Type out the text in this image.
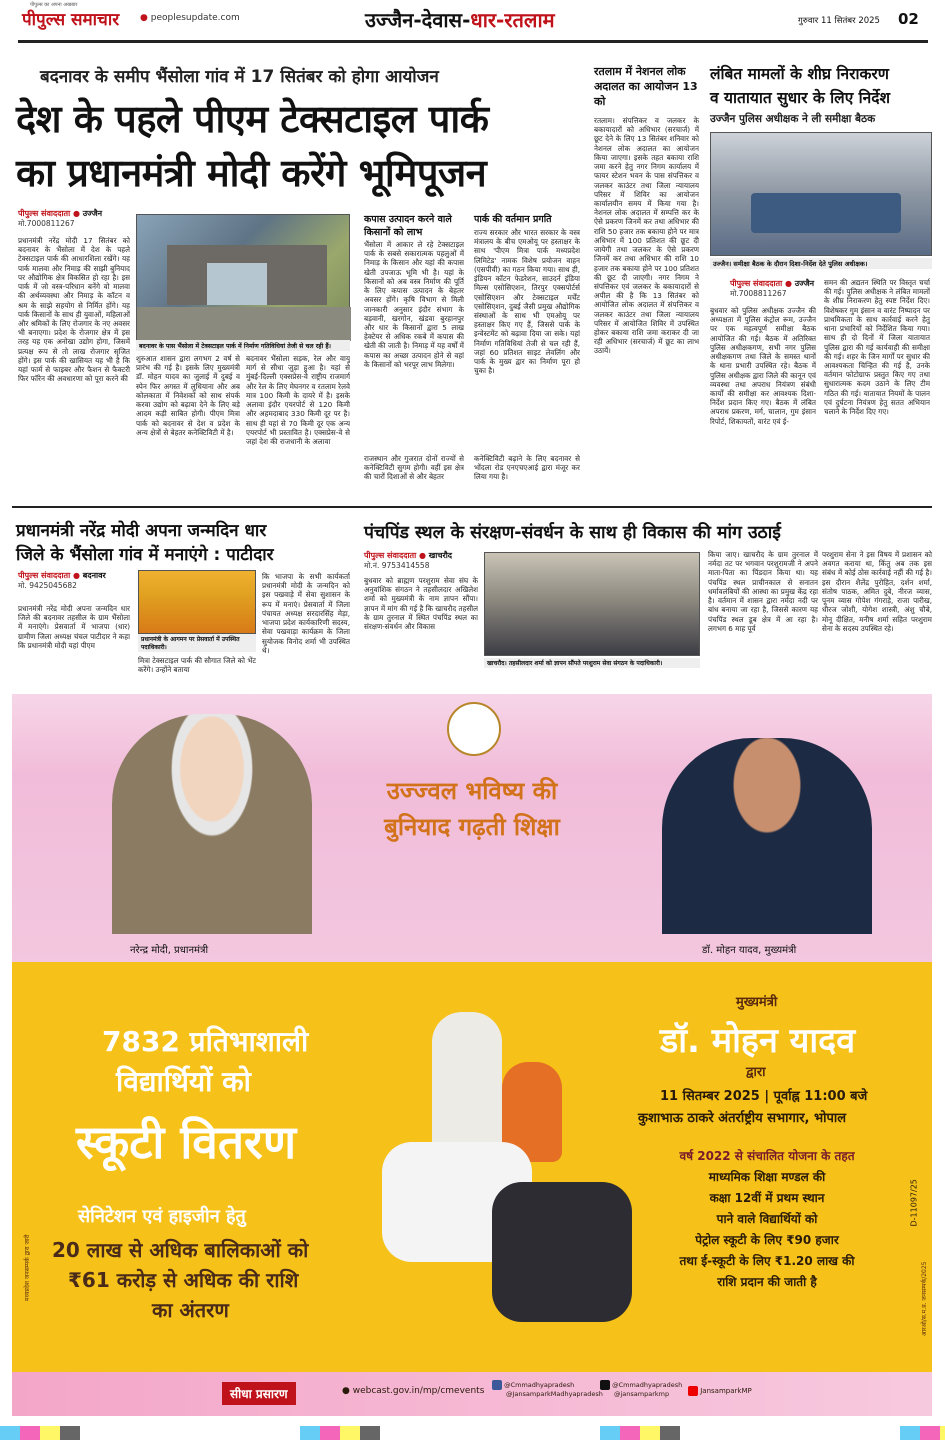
पीपुल्स समाचार
पीपुल्स का अपना अखबार
● peoplesupdate.com	उज्जैन-देवास-धार-रतलाम	गुरुवार 11 सितंबर 2025 02
बदनावर के समीप भैंसोला गांव में 17 सितंबर को होगा आयोजन
देश के पहले पीएम टेक्सटाइल पार्क
का प्रधानमंत्री मोदी करेंगे भूमिपूजन
पीपुल्स संवाददाता ● उज्जैन
मो.7000811267
प्रधानमंत्री नरेंद्र मोदी 17 सितंबर को बदनावर के भैंसोला में देश के पहले टेक्सटाइल पार्क की आधारशिला रखेंगे। यह पार्क मालवा और निमाड़ की साझी बुनियाद पर औद्योगिक क्षेत्र विकसित हो रहा है। इस पार्क में जो वस्त्र-परिधान बनेंगे वो मालवा की अर्थव्यवस्था और निमाड़ के कॉटन व श्रम के साझे सहयोग से निर्मित होंगे। यह पार्क किसानों के साथ ही युवाओं, महिलाओं और श्रमिकों के लिए रोजगार के नए अवसर भी बनाएगा। प्रदेश के रोजगार क्षेत्र में इस तरह यह एक अनोखा उद्योग होगा, जिसमें प्रत्यक्ष रूप से तो लाख रोजगार सृजित होंगे। इस पार्क की खासियत यह भी है कि यहां फार्म से फाइबर और फैशन से फैक्टरी फिर फॉरेन की अवधारणा को पूरा करने की
बदनावर के पास भैंसोला में टेक्सटाइल पार्क में निर्माण गतिविधियां तेजी से चल रही हैं।
शुरुआत शासन द्वारा लगभग 2 वर्ष से प्रारंभ की गई है। इसके लिए मुख्यमंत्री डॉ. मोहन यादव का जुलाई में दुबई व स्पेन फिर अगस्त में लुधियाना और अब कोलकाता में निवेशकों को साथ संपर्क करवा उद्योग को बढ़ावा देने के लिए बड़े आदम कड़ी साबित होगी। पीएम मित्रा पार्क को बदनावर से देश व प्रदेश के अन्य क्षेत्रों से बेहतर कनेक्टिविटी में है।
बदनावर भैंसोला सड़क, रेल और वायु मार्ग से सीधा जुड़ा हुआ है। यहां से मुंबई-दिल्ली एक्सप्रेस-वे राष्ट्रीय राजमार्ग और रेल के लिए मेघनगर व रतलाम रेलवे मात्र 100 किमी के दायरे में है। इसके अलावा इंदौर एयरपोर्ट से 120 किमी और अहमदाबाद 330 किमी दूर पर है। साथ ही यहां से 70 किमी दूर एक अन्य एयरपोर्ट भी प्रस्तावित है। एक्सप्रेस-वे से जहां देश की राजधानी के अलावा
कपास उत्पादन करने वाले किसानों को लाभ
भैंसोला में आकार ले रहे टेक्सटाइल पार्क के सबसे सकारात्मक पहलुओं में निमाड़ के किसान और यहां की कपास खेती उपजाऊ भूमि भी है। यहां के किसानों को अब वस्त्र निर्माण की पूर्ति के लिए कपास उत्पादन के बेहतर अवसर होंगे। कृषि विभाग से मिली जानकारी अनुसार इंदौर संभाग के बड़वानी, खरगोन, खंडवा बुरहानपुर और धार के किसानों द्वारा 5 लाख हेक्टेयर से अधिक रकबे में कपास की खेती की जाती है। निमाड़ में यह वर्षों में कपास का अच्छा उत्पादन होने से वहां के किसानों को भरपूर लाभ मिलेगा।
राजस्थान और गुजरात दोनों राज्यों से कनेक्टिविटी सुगम होगी। वहीं इस क्षेत्र की चारों दिशाओं से और बेहतर
पार्क की वर्तमान प्रगति
राज्य सरकार और भारत सरकार के वस्त्र मंत्रालय के बीच एमओयू पर हस्ताक्षर के साथ 'पीएम मित्रा पार्क मध्यप्रदेश लिमिटेड' नामक विशेष प्रयोजन वाहन (एसपीवी) का गठन किया गया। साथ ही, इंडियन कॉटन फेडरेशन, साउदर्न इंडिया मिल्स एसोसिएशन, तिरपुर एक्सपोर्टर्स एसोसिएशन और टेक्सटाइल मर्चेंट एसोसिएशन, दुबई जैसी प्रमुख औद्योगिक संस्थाओं के साथ भी एमओयू पर हस्ताक्षर किए गए हैं, जिससे पार्क के इन्वेस्टमेंट को बढ़ावा दिया जा सके। यहां निर्माण गतिविधियां तेजी से चल रही हैं, जहां 60 प्रतिशत साइट लेवलिंग और पार्क के मुख्य द्वार का निर्माण पूरा हो चुका है।
कनेक्टिविटी बढ़ाने के लिए बदनावर से भोंदला रोड एनएचएआई द्वारा मंजूर कर लिया गया है।
रतलाम में नेशनल लोक अदालत का आयोजन 13 को
रतलाम। संपत्तिकर व जलकर के बकायादारों को अधिभार (सरचार्ज) में छूट देने के लिए 13 सितंबर शनिवार को नेशनल लोक अदालत का आयोजन किया जाएगा। इसके तहत बकाया राशि जमा करने हेतु नगर निगम कार्यालय में फायर स्टेशन भवन के पास संपत्तिकर व जलकर काउंटर तथा जिला न्यायालय परिसर में शिविर का आयोजन कार्यालयीन समय में किया गया है। नेशनल लोक अदालत में सम्पत्ति कर के ऐसे प्रकरण जिनमें कर तथा अधिभार की राशि 50 हजार तक बकाया होने पर मात्र अधिभार में 100 प्रतिशत की छूट दी जायेगी तथा जलकर के ऐसे प्रकरण जिनमें कर तथा अधिभार की राशि 10 हजार तक बकाया होने पर 100 प्रतिशत की छूट दी जाएगी। नगर निगम ने संपत्तिकर एवं जलकर के बकायादारों से अपील की है कि 13 सितंबर को आयोजित लोक अदालत में संपत्तिकर व जलकर काउंटर तथा जिला न्यायालय परिसर में आयोजित शिविर में उपस्थित होकर बकाया राशि जमा कराकर दी जा रही अधिभार (सरचार्ज) में छूट का लाभ उठायें।
लंबित मामलों के शीघ्र निराकरण
व यातायात सुधार के लिए निर्देश
उज्जैन पुलिस अधीक्षक ने ली समीक्षा बैठक
उज्जैन। समीक्षा बैठक के दौरान दिशा-निर्देश देते पुलिस अधीक्षक।
पीपुल्स संवाददाता ● उज्जैन
मो.7008811267
बुधवार को पुलिस अधीक्षक उज्जैन की अध्यक्षता में पुलिस कंट्रोल रूम, उज्जैन पर एक महत्वपूर्ण समीक्षा बैठक आयोजित की गई। बैठक में अतिरिक्त पुलिस अधीक्षकगण, सभी नगर पुलिस अधीक्षकगण तथा जिले के समस्त थानों के थाना प्रभारी उपस्थित रहे। बैठक में पुलिस अधीक्षक द्वारा जिले की कानून एवं व्यवस्था तथा अपराध नियंत्रण संबंधी कार्यों की समीक्षा कर आवश्यक दिशा-निर्देश प्रदान किए गए। बैठक में लंबित अपराध प्रकरण, मर्ग, चालान, गुम इंसान रिपोर्ट, शिकायतों, वारंट एवं ई-
समन की अद्यतन स्थिति पर विस्तृत चर्चा की गई। पुलिस अधीक्षक ने लंबित मामलों के शीघ्र निराकरण हेतु स्पष्ट निर्देश दिए। विशेषकर गुम इंसान व वारंट निष्पादन पर प्राथमिकता के साथ कार्रवाई करने हेतु थाना प्रभारियों को निर्देशित किया गया। साथ ही दो दिनों में जिला यातायात पुलिस द्वारा की गई कार्यवाही की समीक्षा की गई। शहर के जिन मार्गों पर सुधार की आवश्यकता चिन्हित की गई है, उनके वर्तमान फोटोग्राफ प्रस्तुत किए गए तथा सुधारात्मक कदम उठाने के लिए टीम गठित की गई। यातायात नियमों के पालन एवं दुर्घटना नियंत्रण हेतु सतत अभियान चलाने के निर्देश दिए गए।
प्रधानमंत्री नरेंद्र मोदी अपना जन्मदिन धार
जिले के भैंसोला गांव में मनाएंगे : पाटीदार
पीपुल्स संवाददाता ● बदनावर
मो. 9425045682
प्रधानमंत्री नरेंद्र मोदी अपना जन्मदिन धार जिले की बदनावर तहसील के ग्राम भैंसोला में मनाएंगे। प्रेसवार्ता में भाजपा (धार) ग्रामीण जिला अध्यक्ष चंचल पाटीदार ने कहा कि प्रधानमंत्री मोदी यहां पीएम
प्रधानमंत्री के आगमन पर प्रेसवार्ता में उपस्थित पदाधिकारी।
मित्रा टेक्सटाइल पार्क की सौगात जिले को भेंट करेंगे। उन्होंने बताया
कि भाजपा के सभी कार्यकर्ता प्रधानमंत्री मोदी के जन्मदिन को इस पखवाड़े में सेवा सुशासन के रूप में मनाएं। प्रेसवार्ता में जिला पंचायत अध्यक्ष सरदारसिंह मेड़ा, भाजपा प्रदेश कार्यकारिणी सदस्य, सेवा पखवाड़ा कार्यक्रम के जिला सुयोजक विनोद शर्मा भी उपस्थित थे।
पंचपिंड स्थल के संरक्षण-संवर्धन के साथ ही विकास की मांग उठाई
पीपुल्स संवाददाता ● खाचरौद
मो.नं. 9753414558
बुधवार को ब्राह्मण परशुराम सेवा संघ के अनुवांशिक संगठन ने तहसीलदार अखिलेश शर्मा को मुख्यमंत्री के नाम ज्ञापन सौंपा। ज्ञापन में मांग की गई है कि खाचरौद तहसील के ग्राम तुरनाल में स्थित पंचपिंड स्थल का संरक्षण-संवर्धन और विकास
खाचरौद। तहसीलदार शर्मा को ज्ञापन सौंपते परशुराम सेवा संगठन के पदाधिकारी।
किया जाए। खाचरौद के ग्राम तुरनाल में नर्मदा तट पर भगवान परशुरामजी ने अपने माता-पिता का पिंडदान किया था। यह पंचपिंड स्थल प्राचीनकाल से सनातन धर्मावलंबियों की आस्था का प्रमुख केंद्र रहा है। वर्तमान में शासन द्वारा नर्मदा नदी पर बांध बनाया जा रहा है, जिससे कारण यह पंचपिंड स्थल डूब क्षेत्र में आ रहा है। लगभग 6 माह पूर्व
परशुराम सेना ने इस विषय में प्रशासन को अवगत कराया था, किंतु अब तक इस संबंध में कोई ठोस कार्रवाई नहीं की गई है। इस दौरान शैलेंद्र पुरोहित, दर्शन शर्मा, संतोष पाठक, अमित दुबे, नीरज व्यास, पूनम व्यास गोपेश गंगराड़े, राजा पारीख, धीरज जोशी, योगेश शास्त्री, अंशु चौबे, मोनू दीक्षित, मनीष शर्मा सहित परशुराम सेना के सदस्य उपस्थित रहे।
उज्ज्वल भविष्य की
बुनियाद गढ़ती शिक्षा
नरेन्द्र मोदी, प्रधानमंत्री	डॉ. मोहन यादव, मुख्यमंत्री
7832 प्रतिभाशाली
विद्यार्थियों को
स्कूटी वितरण
सेनिटेशन एवं हाइजीन हेतु
20 लाख से अधिक बालिकाओं को
₹61 करोड़ से अधिक की राशि
का अंतरण
मुख्यमंत्री
डॉ. मोहन यादव
द्वारा
11 सितम्बर 2025 | पूर्वाह्न 11:00 बजे
कुशाभाऊ ठाकरे अंतर्राष्ट्रीय सभागार, भोपाल
वर्ष 2022 से संचालित योजना के तहत
माध्यमिक शिक्षा मण्डल की
कक्षा 12वीं में प्रथम स्थान
पाने वाले विद्यार्थियों को
पेट्रोल स्कूटी के लिए ₹90 हजार
तथा ई-स्कूटी के लिए ₹1.20 लाख की
राशि प्रदान की जाती है
मध्यप्रदेश जनसम्पर्क द्वारा जारी	आरओ/स.म.प्र. जनसम्पर्क/2025
D-11097/25
सीधा प्रसारण	● webcast.gov.in/mp/cmevents
@Cmmadhyapradesh
@JansamparkMadhyapradesh
@Cmmadhyapradesh
@jansamparkmp	JansamparkMP
